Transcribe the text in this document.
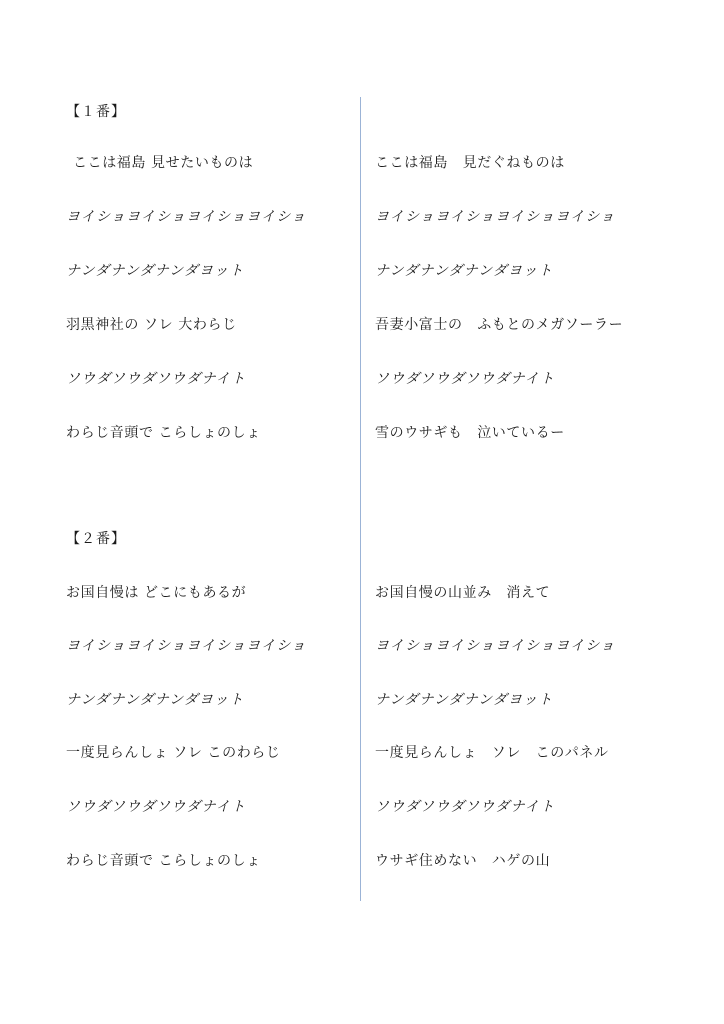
【１番】
ここは福島 見せたいものは
ヨイショヨイショヨイショヨイショ
ナンダナンダナンダヨット
羽黒神社の ソレ 大わらじ
ソウダソウダソウダナイト
わらじ音頭で こらしょのしょ
ここは福島　見だぐねものは
ヨイショヨイショヨイショヨイショ
ナンダナンダナンダヨット
吾妻小富士の　ふもとのメガソーラー
ソウダソウダソウダナイト
雪のウサギも　泣いているー
【２番】
お国自慢は どこにもあるが
ヨイショヨイショヨイショヨイショ
ナンダナンダナンダヨット
一度見らんしょ ソレ このわらじ
ソウダソウダソウダナイト
わらじ音頭で こらしょのしょ
お国自慢の山並み　消えて
ヨイショヨイショヨイショヨイショ
ナンダナンダナンダヨット
一度見らんしょ　ソレ　このパネル
ソウダソウダソウダナイト
ウサギ住めない　ハゲの山
